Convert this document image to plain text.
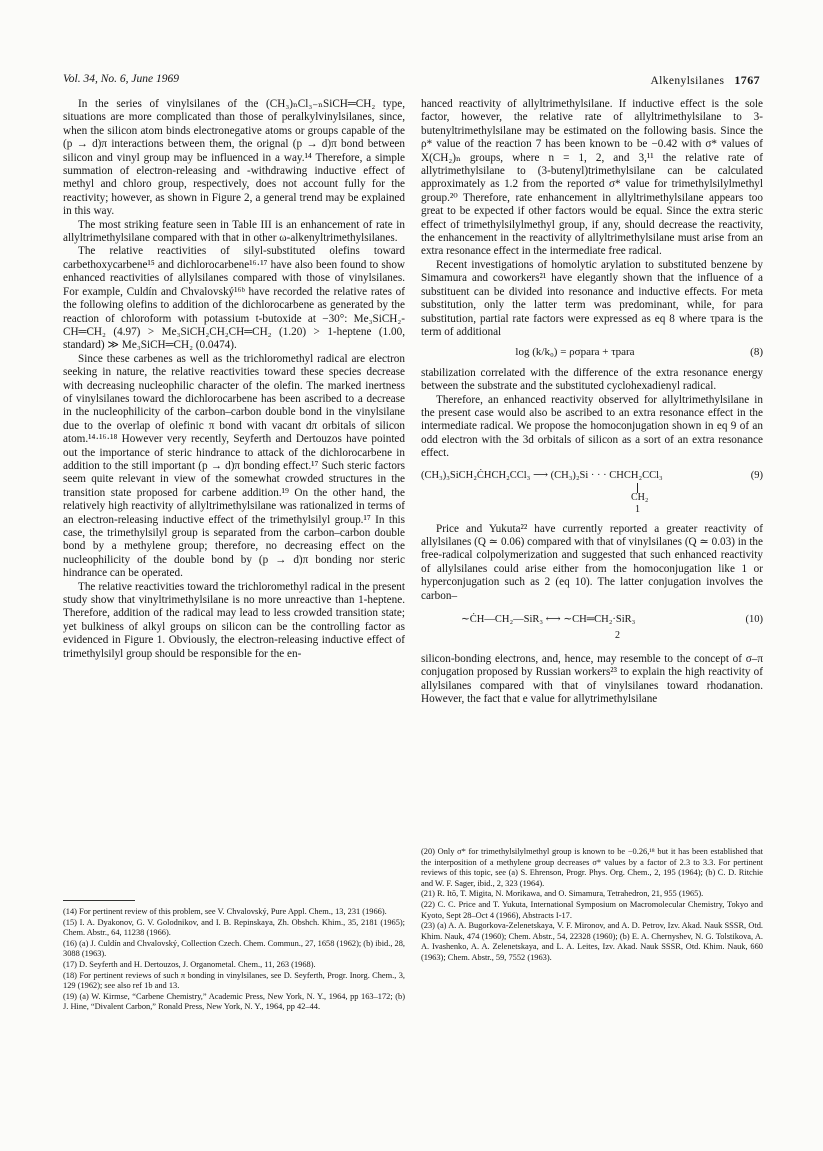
Vol. 34, No. 6, June 1969	Alkenylsilanes 1767

In the series of vinylsilanes of the (CH₃)ₙCl₃₋ₙSiCH═CH₂ type, situations are more complicated than those of peralkylvinylsilanes, since, when the silicon atom binds electronegative atoms or groups capable of the (p → d)π interactions between them, the orignal (p → d)π bond between silicon and vinyl group may be influenced in a way.¹⁴ Therefore, a simple summation of electron-releasing and -withdrawing inductive effect of methyl and chloro group, respectively, does not account fully for the reactivity; however, as shown in Figure 2, a general trend may be explained in this way.

The most striking feature seen in Table III is an enhancement of rate in allyltrimethylsilane compared with that in other ω-alkenyltrimethylsilanes.

The relative reactivities of silyl-substituted olefins toward carbethoxycarbene¹⁵ and dichlorocarbene¹⁶·¹⁷ have also been found to show enhanced reactivities of allylsilanes compared with those of vinylsilanes. For example, Culdín and Chvalovský¹⁶ᵇ have recorded the relative rates of the following olefins to addition of the dichlorocarbene as generated by the reaction of chloroform with potassium t-butoxide at −30°: Me₃SiCH₂-CH═CH₂ (4.97) > Me₃SiCH₂CH₂CH═CH₂ (1.20) > 1-heptene (1.00, standard) ≫ Me₃SiCH═CH₂ (0.0474).

Since these carbenes as well as the trichloromethyl radical are electron seeking in nature, the relative reactivities toward these species decrease with decreasing nucleophilic character of the olefin. The marked inertness of vinylsilanes toward the dichlorocarbene has been ascribed to a decrease in the nucleophilicity of the carbon–carbon double bond in the vinylsilane due to the overlap of olefinic π bond with vacant dπ orbitals of silicon atom.¹⁴·¹⁶·¹⁸ However very recently, Seyferth and Dertouzos have pointed out the importance of steric hindrance to attack of the dichlorocarbene in addition to the still important (p → d)π bonding effect.¹⁷ Such steric factors seem quite relevant in view of the somewhat crowded structures in the transition state proposed for carbene addition.¹⁹ On the other hand, the relatively high reactivity of allyltrimethylsilane was rationalized in terms of an electron-releasing inductive effect of the trimethylsilyl group.¹⁷ In this case, the trimethylsilyl group is separated from the carbon–carbon double bond by a methylene group; therefore, no decreasing effect on the nucleophilicity of the double bond by (p → d)π bonding nor steric hindrance can be operated.

The relative reactivities toward the trichloromethyl radical in the present study show that vinyltrimethylsilane is no more unreactive than 1-heptene. Therefore, addition of the radical may lead to less crowded transition state; yet bulkiness of alkyl groups on silicon can be the controlling factor as evidenced in Figure 1. Obviously, the electron-releasing inductive effect of trimethylsilyl group should be responsible for the en-

(14) For pertinent review of this problem, see V. Chvalovský, Pure Appl. Chem., 13, 231 (1966).

(15) I. A. Dyakonov, G. V. Golodnikov, and I. B. Repinskaya, Zh. Obshch. Khim., 35, 2181 (1965); Chem. Abstr., 64, 11238 (1966).

(16) (a) J. Culdín and Chvalovský, Collection Czech. Chem. Commun., 27, 1658 (1962); (b) ibid., 28, 3088 (1963).

(17) D. Seyferth and H. Dertouzos, J. Organometal. Chem., 11, 263 (1968).

(18) For pertinent reviews of such π bonding in vinylsilanes, see D. Seyferth, Progr. Inorg. Chem., 3, 129 (1962); see also ref 1b and 13.

(19) (a) W. Kirmse, “Carbene Chemistry,” Academic Press, New York, N. Y., 1964, pp 163–172; (b) J. Hine, “Divalent Carbon,” Ronald Press, New York, N. Y., 1964, pp 42–44.

hanced reactivity of allyltrimethylsilane. If inductive effect is the sole factor, however, the relative rate of allyltrimethylsilane to 3-butenyltrimethylsilane may be estimated on the following basis. Since the ρ* value of the reaction 7 has been known to be −0.42 with σ* values of X(CH₂)ₙ groups, where n = 1, 2, and 3,¹¹ the relative rate of allytrimethylsilane to (3-butenyl)trimethylsilane can be calculated approximately as 1.2 from the reported σ* value for trimethylsilylmethyl group.²⁰ Therefore, rate enhancement in allyltrimethylsilane appears too great to be expected if other factors would be equal. Since the extra steric effect of trimethylsilylmethyl group, if any, should decrease the reactivity, the enhancement in the reactivity of allyltrimethylsilane must arise from an extra resonance effect in the intermediate free radical.

Recent investigations of homolytic arylation to substituted benzene by Simamura and coworkers²¹ have elegantly shown that the influence of a substituent can be divided into resonance and inductive effects. For meta substitution, only the latter term was predominant, while, for para substitution, partial rate factors were expressed as eq 8 where τpara is the term of additional

log (k/k₀) = ρσpara + τpara	(8)

stabilization correlated with the difference of the extra resonance energy between the substrate and the substituted cyclohexadienyl radical.

Therefore, an enhanced reactivity observed for allyltrimethylsilane in the present case would also be ascribed to an extra resonance effect in the intermediate radical. We propose the homoconjugation shown in eq 9 of an odd electron with the 3d orbitals of silicon as a sort of an extra resonance effect.

(CH₃)₃SiCH₂ĊHCH₂CCl₃ ⟶ (CH₃)₂Si · · · CHCH₂CCl₃	(9)
CH₂
1

Price and Yukuta²² have currently reported a greater reactivity of allylsilanes (Q ≃ 0.06) compared with that of vinylsilanes (Q ≃ 0.03) in the free-radical colpolymerization and suggested that such enhanced reactivity of allylsilanes could arise either from the homoconjugation like 1 or hyperconjugation such as 2 (eq 10). The latter conjugation involves the carbon–

∼ĊH—CH₂—SiR₃ ⟷ ∼CH═CH₂·SiR₃	(10)
2

silicon-bonding electrons, and, hence, may resemble to the concept of σ–π conjugation proposed by Russian workers²³ to explain the high reactivity of allylsilanes compared with that of vinylsilanes toward rhodanation. However, the fact that e value for allytrimethylsilane

(20) Only σ* for trimethylsilylmethyl group is known to be −0.26,¹⁸ but it has been established that the interposition of a methylene group decreases σ* values by a factor of 2.3 to 3.3. For pertinent reviews of this topic, see (a) S. Ehrenson, Progr. Phys. Org. Chem., 2, 195 (1964); (b) C. D. Ritchie and W. F. Sager, ibid., 2, 323 (1964).

(21) R. Itō, T. Migita, N. Morikawa, and O. Simamura, Tetrahedron, 21, 955 (1965).

(22) C. C. Price and T. Yukuta, International Symposium on Macromolecular Chemistry, Tokyo and Kyoto, Sept 28–Oct 4 (1966), Abstracts I-17.

(23) (a) A. A. Bugorkova-Zelenetskaya, V. F. Mironov, and A. D. Petrov, Izv. Akad. Nauk SSSR, Otd. Khim. Nauk, 474 (1960); Chem. Abstr., 54, 22328 (1960); (b) E. A. Chernyshev, N. G. Tolstikova, A. A. Ivashenko, A. A. Zelenetskaya, and L. A. Leites, Izv. Akad. Nauk SSSR, Otd. Khim. Nauk, 660 (1963); Chem. Abstr., 59, 7552 (1963).
